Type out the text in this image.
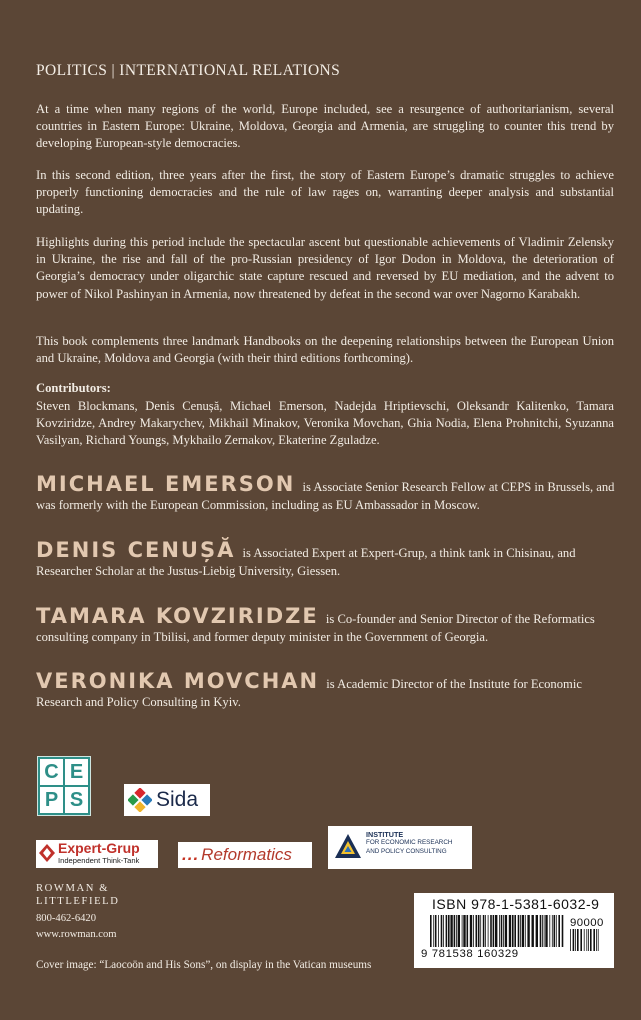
POLITICS | INTERNATIONAL RELATIONS

At a time when many regions of the world, Europe included, see a resurgence of authoritarianism, several countries in Eastern Europe: Ukraine, Moldova, Georgia and Armenia, are struggling to counter this trend by developing European-style democracies.

In this second edition, three years after the first, the story of Eastern Europe’s dramatic struggles to achieve properly functioning democracies and the rule of law rages on, warranting deeper analysis and substantial updating.

Highlights during this period include the spectacular ascent but questionable achievements of Vladimir Zelensky in Ukraine, the rise and fall of the pro-Russian presidency of Igor Dodon in Moldova, the deterioration of Georgia’s democracy under oligarchic state capture rescued and reversed by EU mediation, and the advent to power of Nikol Pashinyan in Armenia, now threatened by defeat in the second war over Nagorno Karabakh.

This book complements three landmark Handbooks on the deepening relationships between the European Union and Ukraine, Moldova and Georgia (with their third editions forthcoming).

Contributors:

Steven Blockmans, Denis Cenușă, Michael Emerson, Nadejda Hriptievschi, Oleksandr Kalitenko, Tamara Kovziridze, Andrey Makarychev, Mikhail Minakov, Veronika Movchan, Ghia Nodia, Elena Prohnitchi, Syuzanna Vasilyan, Richard Youngs, Mykhailo Zernakov, Ekaterine Zguladze.

MICHAEL EMERSON is Associate Senior Research Fellow at CEPS in Brussels, and was formerly with the European Commission, including as EU Ambassador in Moscow.

DENIS CENUȘĂ is Associated Expert at Expert-Grup, a think tank in Chisinau, and Researcher Scholar at the Justus-Liebig University, Giessen.

TAMARA KOVZIRIDZE is Co-founder and Senior Director of the Reformatics consulting company in Tbilisi, and former deputy minister in the Government of Georgia.

VERONIKA MOVCHAN is Academic Director of the Institute for Economic Research and Policy Consulting in Kyiv.

C E
P S	Sida
Expert-Grup
Independent Think-Tank	... Reformatics
INSTITUTE
FOR ECONOMIC RESEARCH
AND POLICY CONSULTING
ROWMAN &
LITTLEFIELD
800-462-6420
www.rowman.com
Cover image: “Laocoön and His Sons”, on display in the Vatican museums
ISBN 978-1-5381-6032-9
9 781538 160329
90000
